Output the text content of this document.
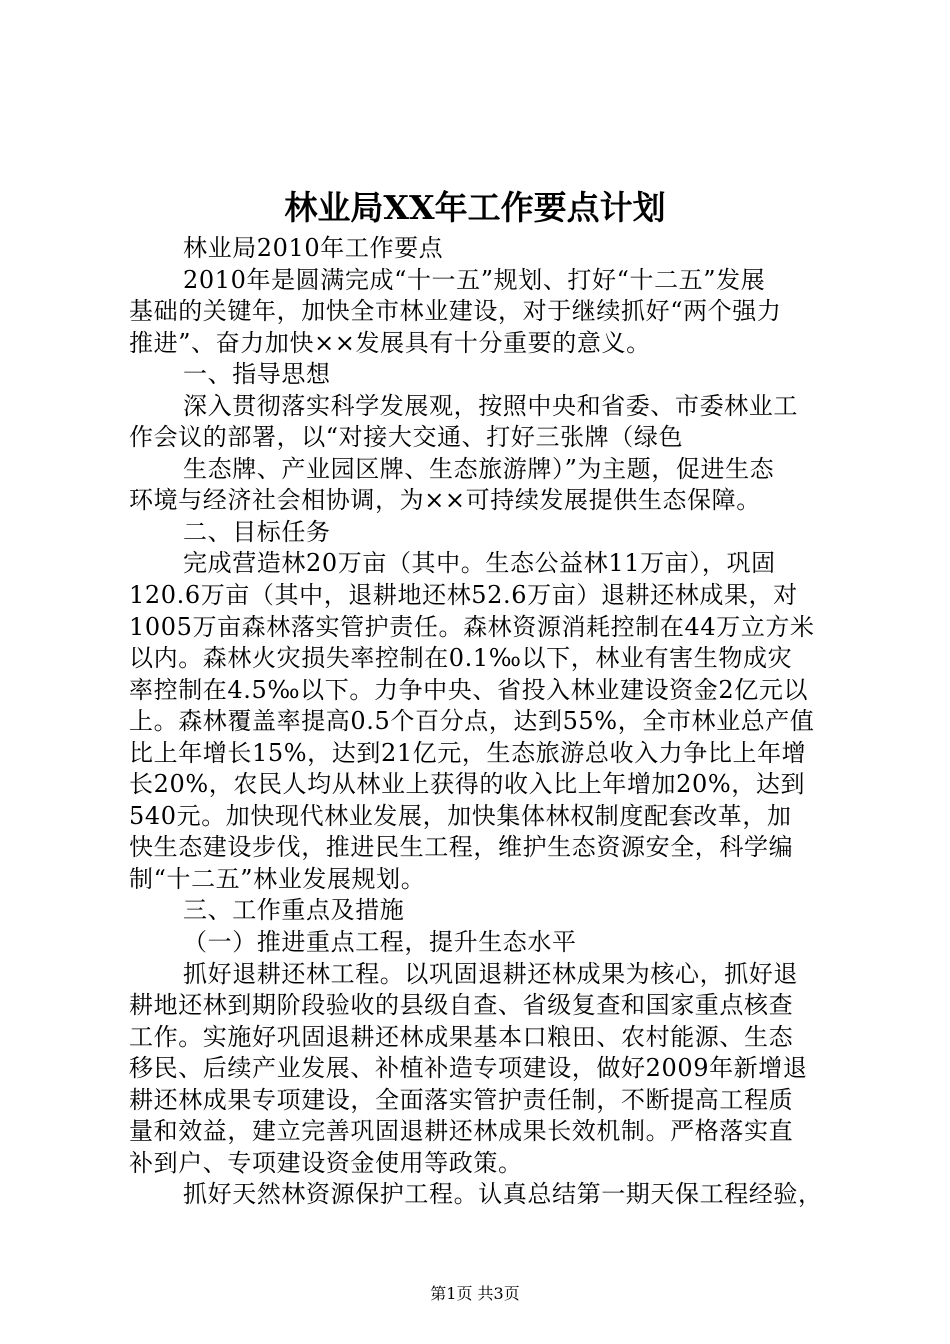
林业局XX年工作要点计划
林业局2010年工作要点
2010年是圆满完成“十一五”规划、打好“十二五”发展
基础的关键年，加快全市林业建设，对于继续抓好“两个强力
推进”、奋力加快××发展具有十分重要的意义。
一、指导思想
深入贯彻落实科学发展观，按照中央和省委、市委林业工
作会议的部署，以“对接大交通、打好三张牌（绿色
生态牌、产业园区牌、生态旅游牌）”为主题，促进生态
环境与经济社会相协调，为××可持续发展提供生态保障。
二、目标任务
完成营造林20万亩（其中。生态公益林11万亩），巩固
120.6万亩（其中，退耕地还林52.6万亩）退耕还林成果，对
1005万亩森林落实管护责任。森林资源消耗控制在44万立方米
以内。森林火灾损失率控制在0.1‰以下，林业有害生物成灾
率控制在4.5‰以下。力争中央、省投入林业建设资金2亿元以
上。森林覆盖率提高0.5个百分点，达到55%，全市林业总产值
比上年增长15%，达到21亿元，生态旅游总收入力争比上年增
长20%，农民人均从林业上获得的收入比上年增加20%，达到
540元。加快现代林业发展，加快集体林权制度配套改革，加
快生态建设步伐，推进民生工程，维护生态资源安全，科学编
制“十二五”林业发展规划。
三、工作重点及措施
（一）推进重点工程，提升生态水平
抓好退耕还林工程。以巩固退耕还林成果为核心，抓好退
耕地还林到期阶段验收的县级自查、省级复查和国家重点核查
工作。实施好巩固退耕还林成果基本口粮田、农村能源、生态
移民、后续产业发展、补植补造专项建设，做好2009年新增退
耕还林成果专项建设，全面落实管护责任制，不断提高工程质
量和效益，建立完善巩固退耕还林成果长效机制。严格落实直
补到户、专项建设资金使用等政策。
抓好天然林资源保护工程。认真总结第一期天保工程经验，
第1页 共3页
